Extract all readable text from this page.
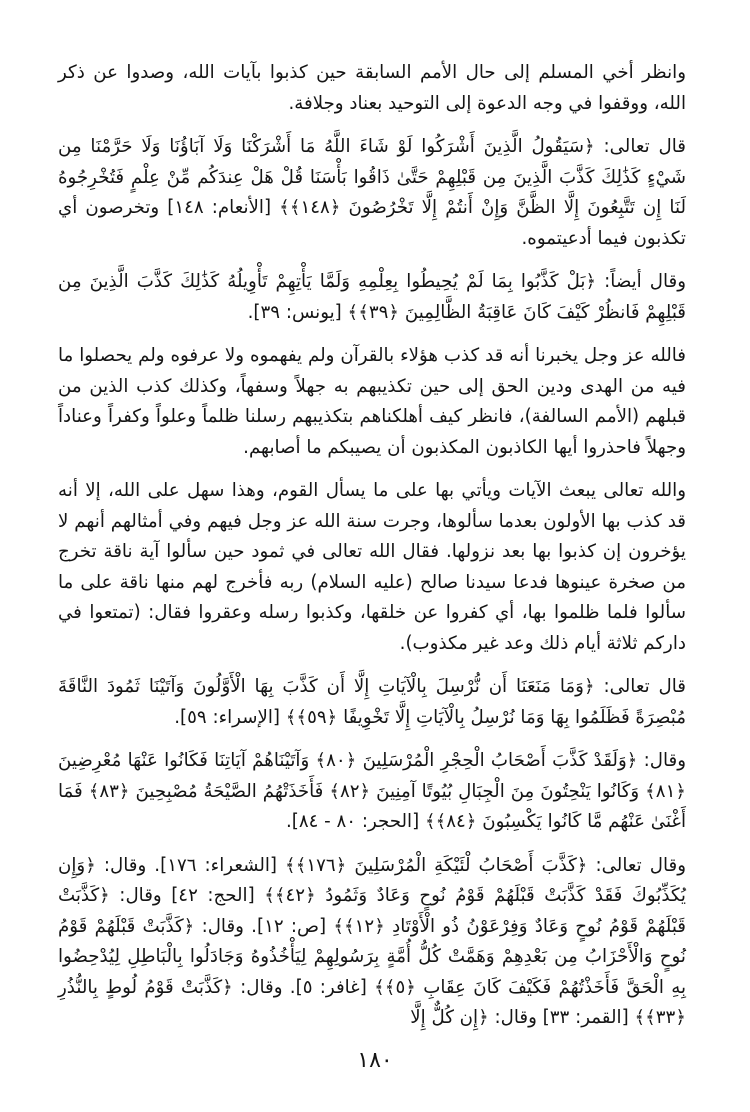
وانظر أخي المسلم إلى حال الأمم السابقة حين كذبوا بآيات الله، وصدوا عن ذكر الله، ووقفوا في وجه الدعوة إلى التوحيد بعناد وجلافة.

قال تعالى: ﴿سَيَقُولُ الَّذِينَ أَشْرَكُوا لَوْ شَاءَ اللَّهُ مَا أَشْرَكْنَا وَلَا آبَاؤُنَا وَلَا حَرَّمْنَا مِن شَيْءٍ كَذَٰلِكَ كَذَّبَ الَّذِينَ مِن قَبْلِهِمْ حَتَّىٰ ذَاقُوا بَأْسَنَا قُلْ هَلْ عِندَكُم مِّنْ عِلْمٍ فَتُخْرِجُوهُ لَنَا إِن تَتَّبِعُونَ إِلَّا الظَّنَّ وَإِنْ أَنتُمْ إِلَّا تَخْرُصُونَ ﴿١٤٨﴾﴾ [الأنعام: ١٤٨] وتخرصون أي تكذبون فيما أدعيتموه.

وقال أيضاً: ﴿بَلْ كَذَّبُوا بِمَا لَمْ يُحِيطُوا بِعِلْمِهِ وَلَمَّا يَأْتِهِمْ تَأْوِيلُهُ كَذَٰلِكَ كَذَّبَ الَّذِينَ مِن قَبْلِهِمْ فَانظُرْ كَيْفَ كَانَ عَاقِبَةُ الظَّالِمِينَ ﴿٣٩﴾﴾ [يونس: ٣٩].

فالله عز وجل يخبرنا أنه قد كذب هؤلاء بالقرآن ولم يفهموه ولا عرفوه ولم يحصلوا ما فيه من الهدى ودين الحق إلى حين تكذيبهم به جهلاً وسفهاً، وكذلك كذب الذين من قبلهم (الأمم السالفة)، فانظر كيف أهلكناهم بتكذيبهم رسلنا ظلماً وعلواً وكفراً وعناداً وجهلاً فاحذروا أيها الكاذبون المكذبون أن يصيبكم ما أصابهم.

والله تعالى يبعث الآيات ويأتي بها على ما يسأل القوم، وهذا سهل على الله، إلا أنه قد كذب بها الأولون بعدما سألوها، وجرت سنة الله عز وجل فيهم وفي أمثالهم أنهم لا يؤخرون إن كذبوا بها بعد نزولها. فقال الله تعالى في ثمود حين سألوا آية ناقة تخرج من صخرة عينوها فدعا سيدنا صالح (عليه السلام) ربه فأخرج لهم منها ناقة على ما سألوا فلما ظلموا بها، أي كفروا عن خلقها، وكذبوا رسله وعقروا فقال: (تمتعوا في داركم ثلاثة أيام ذلك وعد غير مكذوب).

قال تعالى: ﴿وَمَا مَنَعَنَا أَن نُّرْسِلَ بِالْآيَاتِ إِلَّا أَن كَذَّبَ بِهَا الْأَوَّلُونَ وَآتَيْنَا ثَمُودَ النَّاقَةَ مُبْصِرَةً فَظَلَمُوا بِهَا وَمَا نُرْسِلُ بِالْآيَاتِ إِلَّا تَخْوِيفًا ﴿٥٩﴾﴾ [الإسراء: ٥٩].

وقال: ﴿وَلَقَدْ كَذَّبَ أَصْحَابُ الْحِجْرِ الْمُرْسَلِينَ ﴿٨٠﴾ وَآتَيْنَاهُمْ آيَاتِنَا فَكَانُوا عَنْهَا مُعْرِضِينَ ﴿٨١﴾ وَكَانُوا يَنْحِتُونَ مِنَ الْجِبَالِ بُيُوتًا آمِنِينَ ﴿٨٢﴾ فَأَخَذَتْهُمُ الصَّيْحَةُ مُصْبِحِينَ ﴿٨٣﴾ فَمَا أَغْنَىٰ عَنْهُم مَّا كَانُوا يَكْسِبُونَ ﴿٨٤﴾﴾ [الحجر: ٨٠ - ٨٤].

وقال تعالى: ﴿كَذَّبَ أَصْحَابُ لْئَيْكَةِ الْمُرْسَلِينَ ﴿١٧٦﴾﴾ [الشعراء: ١٧٦]. وقال: ﴿وَإِن يُكَذِّبُوكَ فَقَدْ كَذَّبَتْ قَبْلَهُمْ قَوْمُ نُوحٍ وَعَادٌ وَثَمُودُ ﴿٤٢﴾﴾ [الحج: ٤٢] وقال: ﴿كَذَّبَتْ قَبْلَهُمْ قَوْمُ نُوحٍ وَعَادٌ وَفِرْعَوْنُ ذُو الْأَوْتَادِ ﴿١٢﴾﴾ [ص: ١٢]. وقال: ﴿كَذَّبَتْ قَبْلَهُمْ قَوْمُ نُوحٍ وَالْأَحْزَابُ مِن بَعْدِهِمْ وَهَمَّتْ كُلُّ أُمَّةٍ بِرَسُولِهِمْ لِيَأْخُذُوهُ وَجَادَلُوا بِالْبَاطِلِ لِيُدْحِضُوا بِهِ الْحَقَّ فَأَخَذْتُهُمْ فَكَيْفَ كَانَ عِقَابِ ﴿٥﴾﴾ [غافر: ٥]. وقال: ﴿كَذَّبَتْ قَوْمُ لُوطٍ بِالنُّذُرِ ﴿٣٣﴾﴾ [القمر: ٣٣] وقال: ﴿إِن كُلٌّ إِلَّا

١٨٠
